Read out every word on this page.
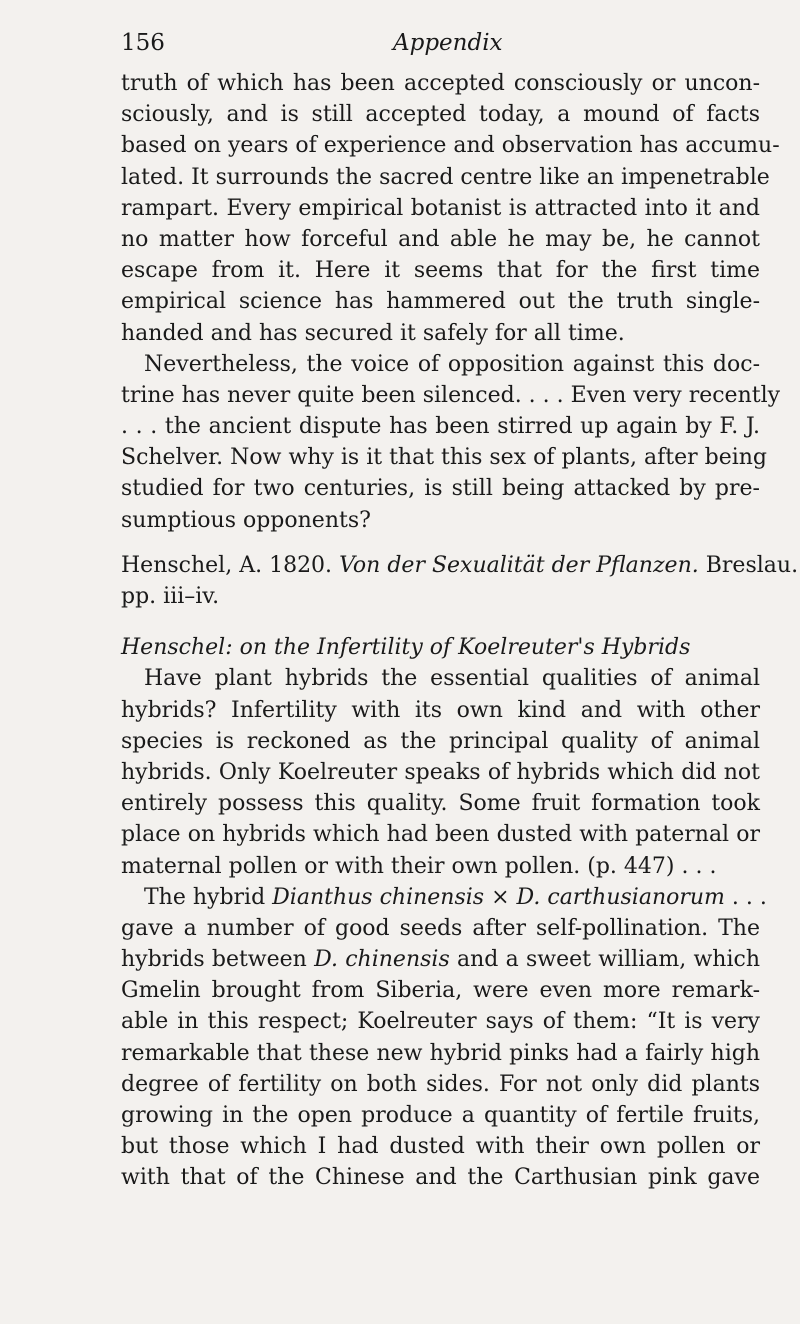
156	Appendix
truth of which has been accepted consciously or uncon-
sciously, and is still accepted today, a mound of facts
based on years of experience and observation has accumu-
lated. It surrounds the sacred centre like an impenetrable
rampart. Every empirical botanist is attracted into it and
no matter how forceful and able he may be, he cannot
escape from it. Here it seems that for the first time
empirical science has hammered out the truth single-
handed and has secured it safely for all time.
Nevertheless, the voice of opposition against this doc-
trine has never quite been silenced. . . . Even very recently
. . . the ancient dispute has been stirred up again by F. J.
Schelver. Now why is it that this sex of plants, after being
studied for two centuries, is still being attacked by pre-
sumptious opponents?
Henschel, A. 1820. Von der Sexualität der Pflanzen. Breslau.
pp. iii–iv.
Henschel: on the Infertility of Koelreuter's Hybrids
Have plant hybrids the essential qualities of animal
hybrids? Infertility with its own kind and with other
species is reckoned as the principal quality of animal
hybrids. Only Koelreuter speaks of hybrids which did not
entirely possess this quality. Some fruit formation took
place on hybrids which had been dusted with paternal or
maternal pollen or with their own pollen. (p. 447) . . .
The hybrid Dianthus chinensis × D. carthusianorum . . .
gave a number of good seeds after self-pollination. The
hybrids between D. chinensis and a sweet william, which
Gmelin brought from Siberia, were even more remark-
able in this respect; Koelreuter says of them: “It is very
remarkable that these new hybrid pinks had a fairly high
degree of fertility on both sides. For not only did plants
growing in the open produce a quantity of fertile fruits,
but those which I had dusted with their own pollen or
with that of the Chinese and the Carthusian pink gave
